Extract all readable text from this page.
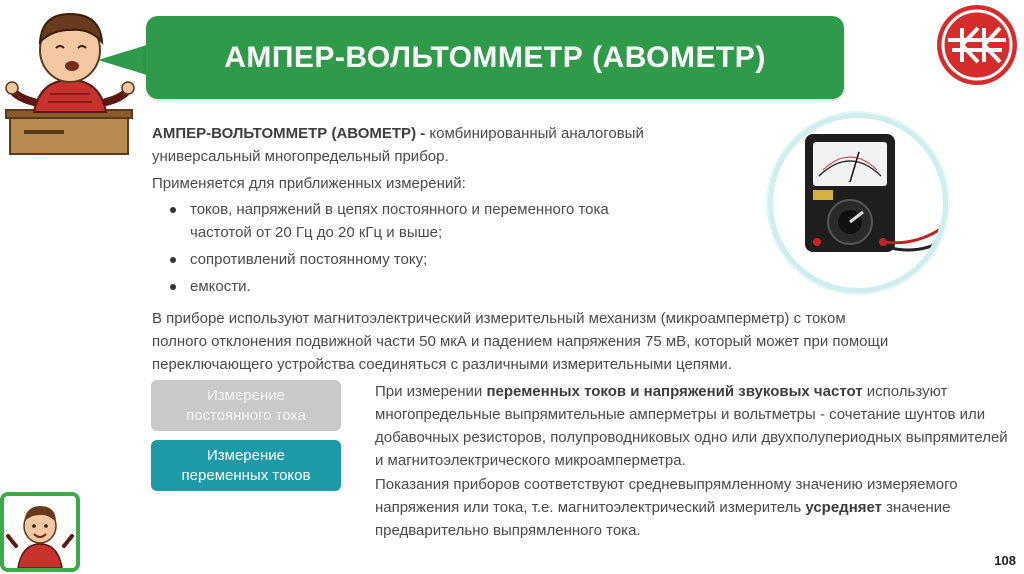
АМПЕР-ВОЛЬТОММЕТР (АВОМЕТР)
АМПЕР-ВОЛЬТОММЕТР (АВОМЕТР) - комбинированный аналоговый универсальный многопредельный прибор.
Применяется для приближенных измерений:
токов, напряжений в цепях постоянного и переменного тока частотой от 20 Гц до 20 кГц и выше;
сопротивлений постоянному току;
емкости.
В приборе используют магнитоэлектрический измерительный механизм (микроамперметр) с током полного отклонения подвижной части 50 мкА и падением напряжения 75 мВ, который может при помощи переключающего устройства соединяться с различными измерительными цепями.
Измерение
постоянного тока
Измерение
переменных токов
При измерении переменных токов и напряжений звуковых частот используют многопредельные выпрямительные амперметры и вольтметры - сочетание шунтов или добавочных резисторов, полупроводниковых одно или двухполупериодных выпрямителей и магнитоэлектрического микроамперметра.
Показания приборов соответствуют средневыпрямленному значению измеряемого напряжения или тока, т.е. магнитоэлектрический измеритель усредняет значение предварительно выпрямленного тока.
108
